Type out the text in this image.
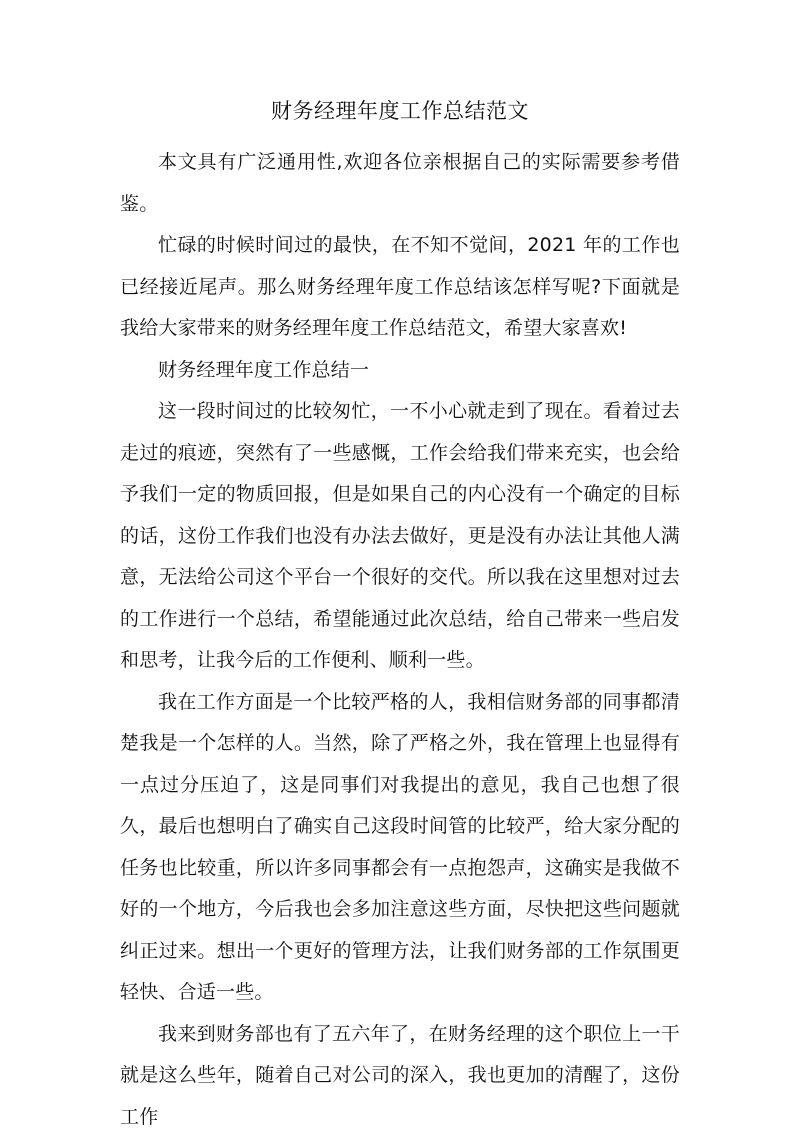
财务经理年度工作总结范文

本文具有广泛通用性,欢迎各位亲根据自己的实际需要参考借鉴。

忙碌的时候时间过的最快，在不知不觉间，2021 年的工作也已经接近尾声。那么财务经理年度工作总结该怎样写呢?下面就是我给大家带来的财务经理年度工作总结范文，希望大家喜欢!

财务经理年度工作总结一

这一段时间过的比较匆忙，一不小心就走到了现在。看着过去走过的痕迹，突然有了一些感慨，工作会给我们带来充实，也会给予我们一定的物质回报，但是如果自己的内心没有一个确定的目标的话，这份工作我们也没有办法去做好，更是没有办法让其他人满意，无法给公司这个平台一个很好的交代。所以我在这里想对过去的工作进行一个总结，希望能通过此次总结，给自己带来一些启发和思考，让我今后的工作便利、顺利一些。

我在工作方面是一个比较严格的人，我相信财务部的同事都清楚我是一个怎样的人。当然，除了严格之外，我在管理上也显得有一点过分压迫了，这是同事们对我提出的意见，我自己也想了很久，最后也想明白了确实自己这段时间管的比较严，给大家分配的任务也比较重，所以许多同事都会有一点抱怨声，这确实是我做不好的一个地方，今后我也会多加注意这些方面，尽快把这些问题就纠正过来。想出一个更好的管理方法，让我们财务部的工作氛围更轻快、合适一些。

我来到财务部也有了五六年了，在财务经理的这个职位上一干就是这么些年，随着自己对公司的深入，我也更加的清醒了，这份工作
